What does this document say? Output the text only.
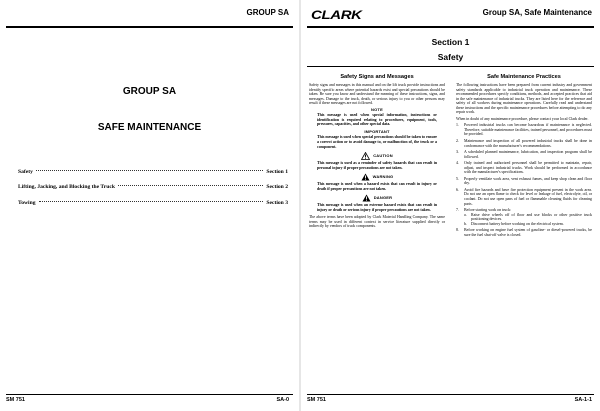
GROUP SA
GROUP SA
SAFE MAINTENANCE
Safety	Section 1
Lifting, Jacking, and Blocking the Truck	Section 2
Towing	Section 3
SM 751	SA-0
CLARK	Group SA, Safe Maintenance
Section 1
Safety
Safety Signs and Messages

Safety signs and messages in this manual and on the lift truck provide instructions and identify specific areas where potential hazards exist and special precautions should be taken. Be sure you know and understand the meaning of these instructions, signs, and messages. Damage to the truck, death, or serious injury to you or other persons may result if these messages are not followed.

NOTE
This message is used when special information, instructions or identification is required relating to procedures, equipment, tools, pressures, capacities, and other special data.
IMPORTANT
This message is used when special precautions should be taken to ensure a correct action or to avoid damage to, or malfunction of, the truck or a component.
CAUTION
This message is used as a reminder of safety hazards that can result in personal injury if proper precautions are not taken.
WARNING
This message is used when a hazard exists that can result in injury or death if proper precautions are not taken.
DANGER
This message is used when an extreme hazard exists that can result in injury or death or serious injury if proper precautions are not taken.

The above terms have been adopted by Clark Material Handling Company. The same terms may be used in different context in service literature supplied directly or indirectly by vendors of truck components.

Safe Maintenance Practices

The following instructions have been prepared from current industry and government safety standards applicable to industrial truck operation and maintenance. These recommended procedures specify conditions, methods, and accepted practices that aid in the safe maintenance of industrial trucks. They are listed here for the reference and safety of all workers during maintenance operations. Carefully read and understand these instructions and the specific maintenance procedures before attempting to do any repair work.

When in doubt of any maintenance procedure, please contact your local Clark dealer.

1.	Powered industrial trucks can become hazardous if maintenance is neglected. Therefore, suitable maintenance facilities, trained personnel, and procedures must be provided.
2.	Maintenance and inspection of all powered industrial trucks shall be done in conformance with the manufacturer's recommendations.
3.	A scheduled planned maintenance, lubrication, and inspection program shall be followed.
4.	Only trained and authorized personnel shall be permitted to maintain, repair, adjust, and inspect industrial trucks. Work should be performed in accordance with the manufacturer's specifications.
5.	Properly ventilate work area, vent exhaust fumes, and keep shop clean and floor dry.
6.	Avoid fire hazards and have fire protection equipment present in the work area. Do not use an open flame to check for level or leakage of fuel, electrolyte, oil, or coolant. Do not use open pans of fuel or flammable cleaning fluids for cleaning parts.
7.	Before starting work on truck:
a.	Raise drive wheels off of floor and use blocks or other positive truck positioning devices.
b.	Disconnect battery before working on the electrical system.
8.	Before working on engine fuel system of gasoline- or diesel-powered trucks, be sure the fuel shut-off valve is closed.
SM 751	SA-1-1
